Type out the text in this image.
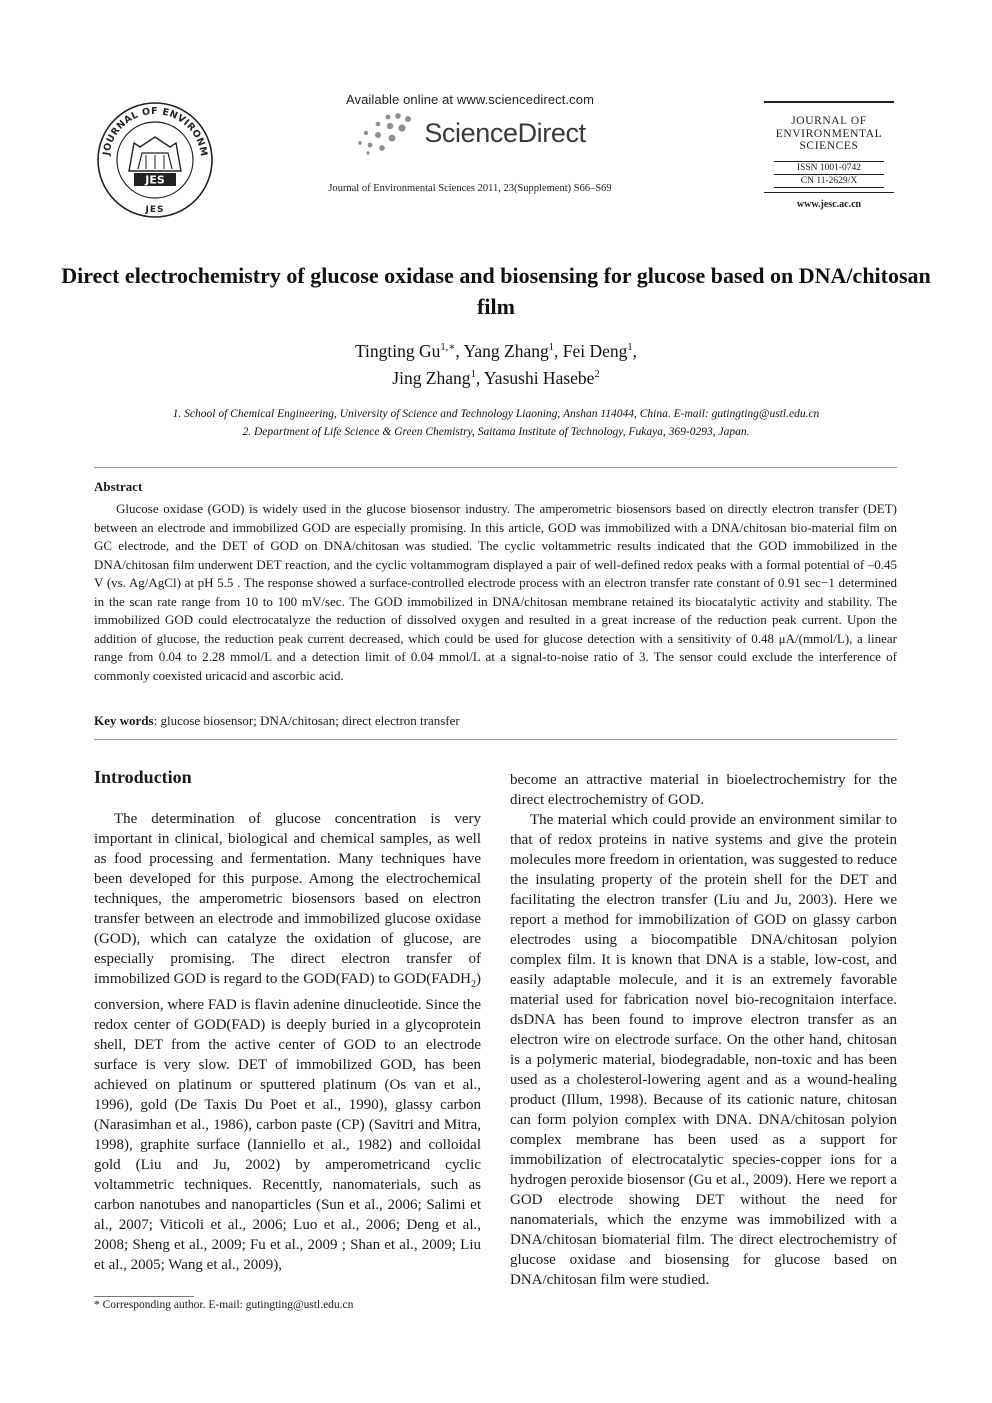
JOURNAL OF ENVIRONM
JES
JES
Available online at www.sciencedirect.com
ScienceDirect
Journal of Environmental Sciences 2011, 23(Supplement) S66–S69
JOURNAL OF
ENVIRONMENTAL
SCIENCES
ISSN 1001-0742
CN 11-2629/X
www.jesc.ac.cn
Direct electrochemistry of glucose oxidase and biosensing for glucose based on DNA/chitosan film
Tingting $Gu^{1,∗}$, Yang Zhang$^1$, Fei Deng$^1$,
Jing Zhang$^1$, Yasushi Hasebe$^2$
1. School of Chemical Engineering, University of Science and Technology Liaoning, Anshan 114044, China. E-mail: gutingting@ustl.edu.cn
2. Department of Life Science & Green Chemistry, Saitama Institute of Technology, Fukaya, 369-0293, Japan.
Abstract

Glucose oxidase (GOD) is widely used in the glucose biosensor industry. The amperometric biosensors based on directly electron transfer (DET) between an electrode and immobilized GOD are especially promising. In this article, GOD was immobilized with a DNA/chitosan bio-material film on GC electrode, and the DET of GOD on DNA/chitosan was studied. The cyclic voltammetric results indicated that the GOD immobilized in the DNA/chitosan film underwent DET reaction, and the cyclic voltammogram displayed a pair of well-defined redox peaks with a formal potential of –0.45 V (vs. Ag/AgCl) at pH 5.5 . The response showed a surface-controlled electrode process with an electron transfer rate constant of 0.91 sec−1 determined in the scan rate range from 10 to 100 mV/sec. The GOD immobilized in DNA/chitosan membrane retained its biocatalytic activity and stability. The immobilized GOD could electrocatalyze the reduction of dissolved oxygen and resulted in a great increase of the reduction peak current. Upon the addition of glucose, the reduction peak current decreased, which could be used for glucose detection with a sensitivity of 0.48 μA/(mmol/L), a linear range from 0.04 to 2.28 mmol/L and a detection limit of 0.04 mmol/L at a signal-to-noise ratio of 3. The sensor could exclude the interference of commonly coexisted uricacid and ascorbic acid.

Key words: glucose biosensor; DNA/chitosan; direct electron transfer
Introduction

The determination of glucose concentration is very important in clinical, biological and chemical samples, as well as food processing and fermentation. Many techniques have been developed for this purpose. Among the electrochemical techniques, the amperometric biosensors based on electron transfer between an electrode and immobilized glucose oxidase (GOD), which can catalyze the oxidation of glucose, are especially promising. The direct electron transfer of immobilized GOD is regard to the GOD(FAD) to $GOD(FADH_2)$ conversion, where FAD is flavin adenine dinucleotide. Since the redox center of GOD(FAD) is deeply buried in a glycoprotein shell, DET from the active center of GOD to an electrode surface is very slow. DET of immobilized GOD, has been achieved on platinum or sputtered platinum (Os van et al., 1996), gold (De Taxis Du Poet et al., 1990), glassy carbon (Narasimhan et al., 1986), carbon paste (CP) (Savitri and Mitra, 1998), graphite surface (Ianniello et al., 1982) and colloidal gold (Liu and Ju, 2002) by amperometricand cyclic voltammetric techniques. Recenttly, nanomaterials, such as carbon nanotubes and nanoparticles (Sun et al., 2006; Salimi et al., 2007; Viticoli et al., 2006; Luo et al., 2006; Deng et al., 2008; Sheng et al., 2009; Fu et al., 2009 ; Shan et al., 2009; Liu et al., 2005; Wang et al., 2009),

become an attractive material in bioelectrochemistry for the direct electrochemistry of GOD.

The material which could provide an environment similar to that of redox proteins in native systems and give the protein molecules more freedom in orientation, was suggested to reduce the insulating property of the protein shell for the DET and facilitating the electron transfer (Liu and Ju, 2003). Here we report a method for immobilization of GOD on glassy carbon electrodes using a biocompatible DNA/chitosan polyion complex film. It is known that DNA is a stable, low-cost, and easily adaptable molecule, and it is an extremely favorable material used for fabrication novel bio-recognitaion interface. dsDNA has been found to improve electron transfer as an electron wire on electrode surface. On the other hand, chitosan is a polymeric material, biodegradable, non-toxic and has been used as a cholesterol-lowering agent and as a wound-healing product (Illum, 1998). Because of its cationic nature, chitosan can form polyion complex with DNA. DNA/chitosan polyion complex membrane has been used as a support for immobilization of electrocatalytic species-copper ions for a hydrogen peroxide biosensor (Gu et al., 2009). Here we report a GOD electrode showing DET without the need for nanomaterials, which the enzyme was immobilized with a DNA/chitosan biomaterial film. The direct electrochemistry of glucose oxidase and biosensing for glucose based on DNA/chitosan film were studied.

* Corresponding author. E-mail: gutingting@ustl.edu.cn
